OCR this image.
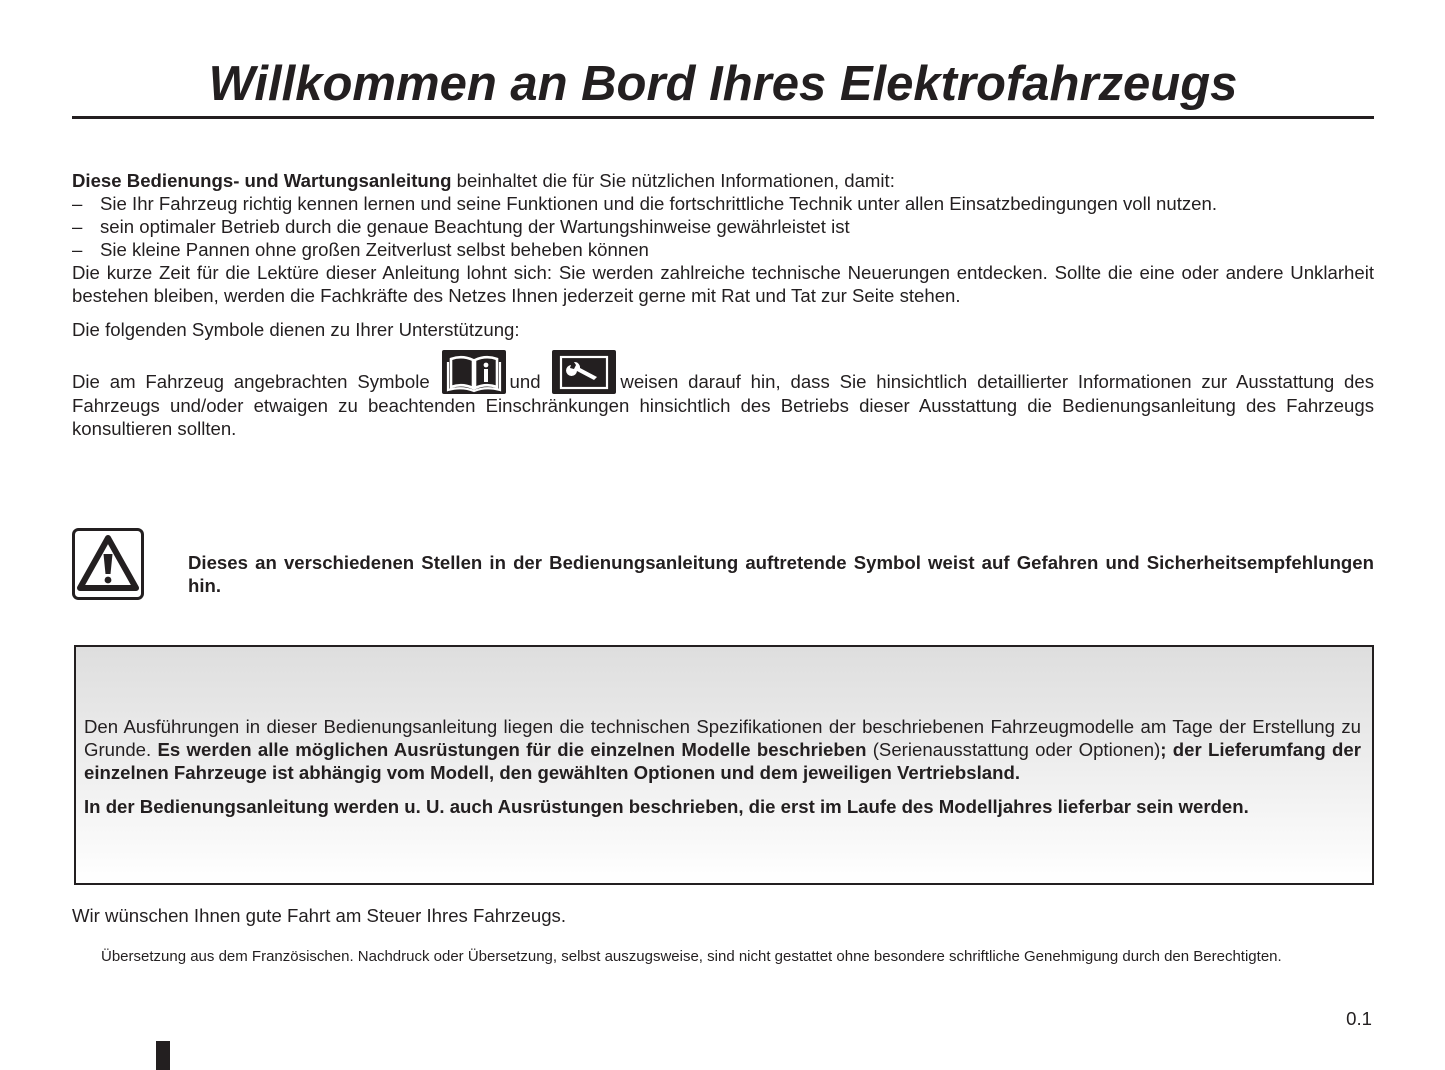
Willkommen an Bord Ihres Elektrofahrzeugs

Diese Bedienungs- und Wartungsanleitung beinhaltet die für Sie nützlichen Informationen, damit:

– Sie Ihr Fahrzeug richtig kennen lernen und seine Funktionen und die fortschrittliche Technik unter allen Einsatzbedingungen voll nutzen.
– sein optimaler Betrieb durch die genaue Beachtung der Wartungshinweise gewährleistet ist
– Sie kleine Pannen ohne großen Zeitverlust selbst beheben können

Die kurze Zeit für die Lektüre dieser Anleitung lohnt sich: Sie werden zahlreiche technische Neuerungen entdecken. Sollte die eine oder andere Unklarheit bestehen bleiben, werden die Fachkräfte des Netzes Ihnen jederzeit gerne mit Rat und Tat zur Seite stehen.

Die folgenden Symbole dienen zu Ihrer Unterstützung:
Die am Fahrzeug angebrachten Symbole	und	weisen darauf hin, dass Sie hinsichtlich detaillierter Informationen zur Ausstattung des Fahrzeugs und/oder etwaigen zu beachtenden Einschränkungen hinsichtlich des Betriebs dieser Ausstattung die Bedienungsanleitung des Fahrzeugs konsultieren sollten.
Dieses an verschiedenen Stellen in der Bedienungsanleitung auftretende Symbol weist auf Gefahren und Sicherheitsempfehlungen hin.

Den Ausführungen in dieser Bedienungsanleitung liegen die technischen Spezifikationen der beschriebenen Fahrzeugmodelle am Tage der Erstellung zu Grunde. Es werden alle möglichen Ausrüstungen für die einzelnen Modelle beschrieben (Serienausstattung oder Optionen); der Lieferumfang der einzelnen Fahrzeuge ist abhängig vom Modell, den gewählten Optionen und dem jeweiligen Vertriebsland.

In der Bedienungsanleitung werden u. U. auch Ausrüstungen beschrieben, die erst im Laufe des Modelljahres lieferbar sein werden.

Wir wünschen Ihnen gute Fahrt am Steuer Ihres Fahrzeugs.
Übersetzung aus dem Französischen. Nachdruck oder Übersetzung, selbst auszugsweise, sind nicht gestattet ohne besondere schriftliche Genehmigung durch den Berechtigten.
0.1
